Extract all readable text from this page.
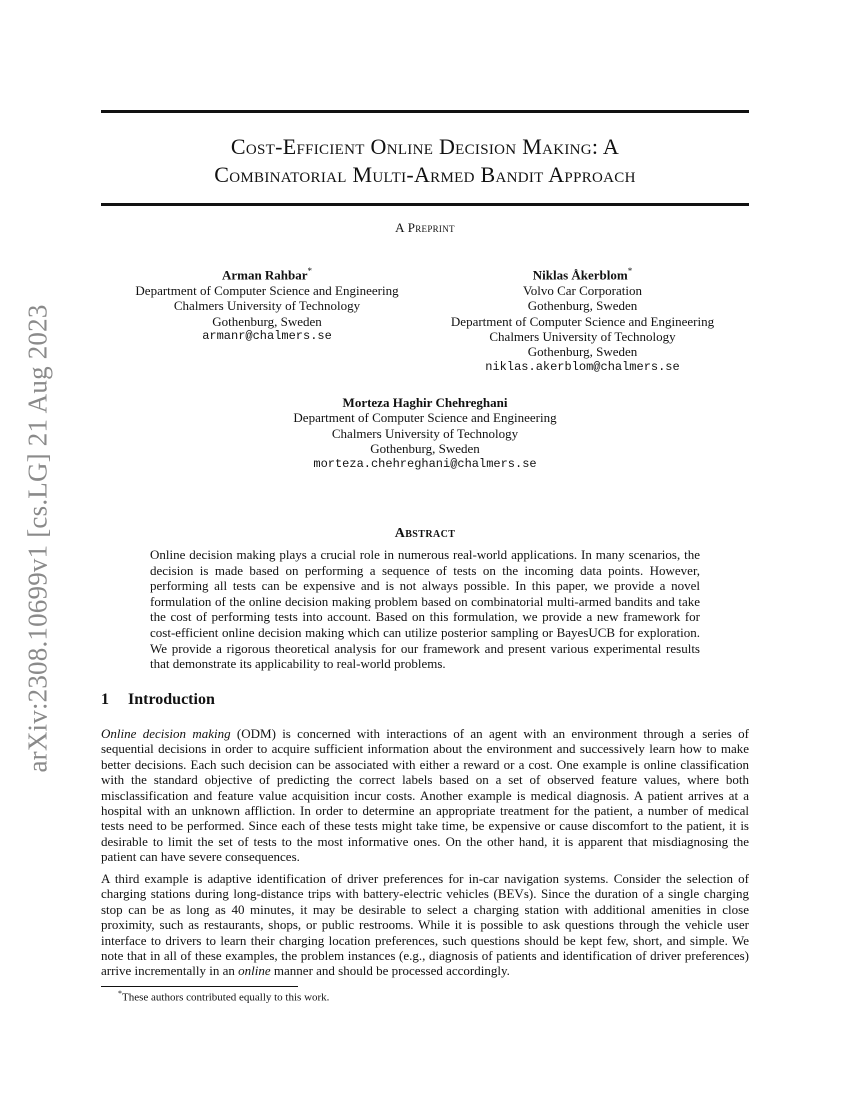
arXiv:2308.10699v1 [cs.LG] 21 Aug 2023
Cost-Efficient Online Decision Making: A
Combinatorial Multi-Armed Bandit Approach
A Preprint
Arman Rahbar*
Department of Computer Science and Engineering
Chalmers University of Technology
Gothenburg, Sweden
armanr@chalmers.se
Niklas Åkerblom*
Volvo Car Corporation
Gothenburg, Sweden
Department of Computer Science and Engineering
Chalmers University of Technology
Gothenburg, Sweden
niklas.akerblom@chalmers.se
Morteza Haghir Chehreghani
Department of Computer Science and Engineering
Chalmers University of Technology
Gothenburg, Sweden
morteza.chehreghani@chalmers.se
Abstract
Online decision making plays a crucial role in numerous real-world applications. In many scenarios, the decision is made based on performing a sequence of tests on the incoming data points. However, performing all tests can be expensive and is not always possible. In this paper, we provide a novel formulation of the online decision making problem based on combinatorial multi-armed bandits and take the cost of performing tests into account. Based on this formulation, we provide a new framework for cost-efficient online decision making which can utilize posterior sampling or BayesUCB for exploration. We provide a rigorous theoretical analysis for our framework and present various experimental results that demonstrate its applicability to real-world problems.
1 Introduction
Online decision making (ODM) is concerned with interactions of an agent with an environment through a series of sequential decisions in order to acquire sufficient information about the environment and successively learn how to make better decisions. Each such decision can be associated with either a reward or a cost. One example is online classification with the standard objective of predicting the correct labels based on a set of observed feature values, where both misclassification and feature value acquisition incur costs. Another example is medical diagnosis. A patient arrives at a hospital with an unknown affliction. In order to determine an appropriate treatment for the patient, a number of medical tests need to be performed. Since each of these tests might take time, be expensive or cause discomfort to the patient, it is desirable to limit the set of tests to the most informative ones. On the other hand, it is apparent that misdiagnosing the patient can have severe consequences.
A third example is adaptive identification of driver preferences for in-car navigation systems. Consider the selection of charging stations during long-distance trips with battery-electric vehicles (BEVs). Since the duration of a single charging stop can be as long as 40 minutes, it may be desirable to select a charging station with additional amenities in close proximity, such as restaurants, shops, or public restrooms. While it is possible to ask questions through the vehicle user interface to drivers to learn their charging location preferences, such questions should be kept few, short, and simple. We note that in all of these examples, the problem instances (e.g., diagnosis of patients and identification of driver preferences) arrive incrementally in an online manner and should be processed accordingly.
*These authors contributed equally to this work.
